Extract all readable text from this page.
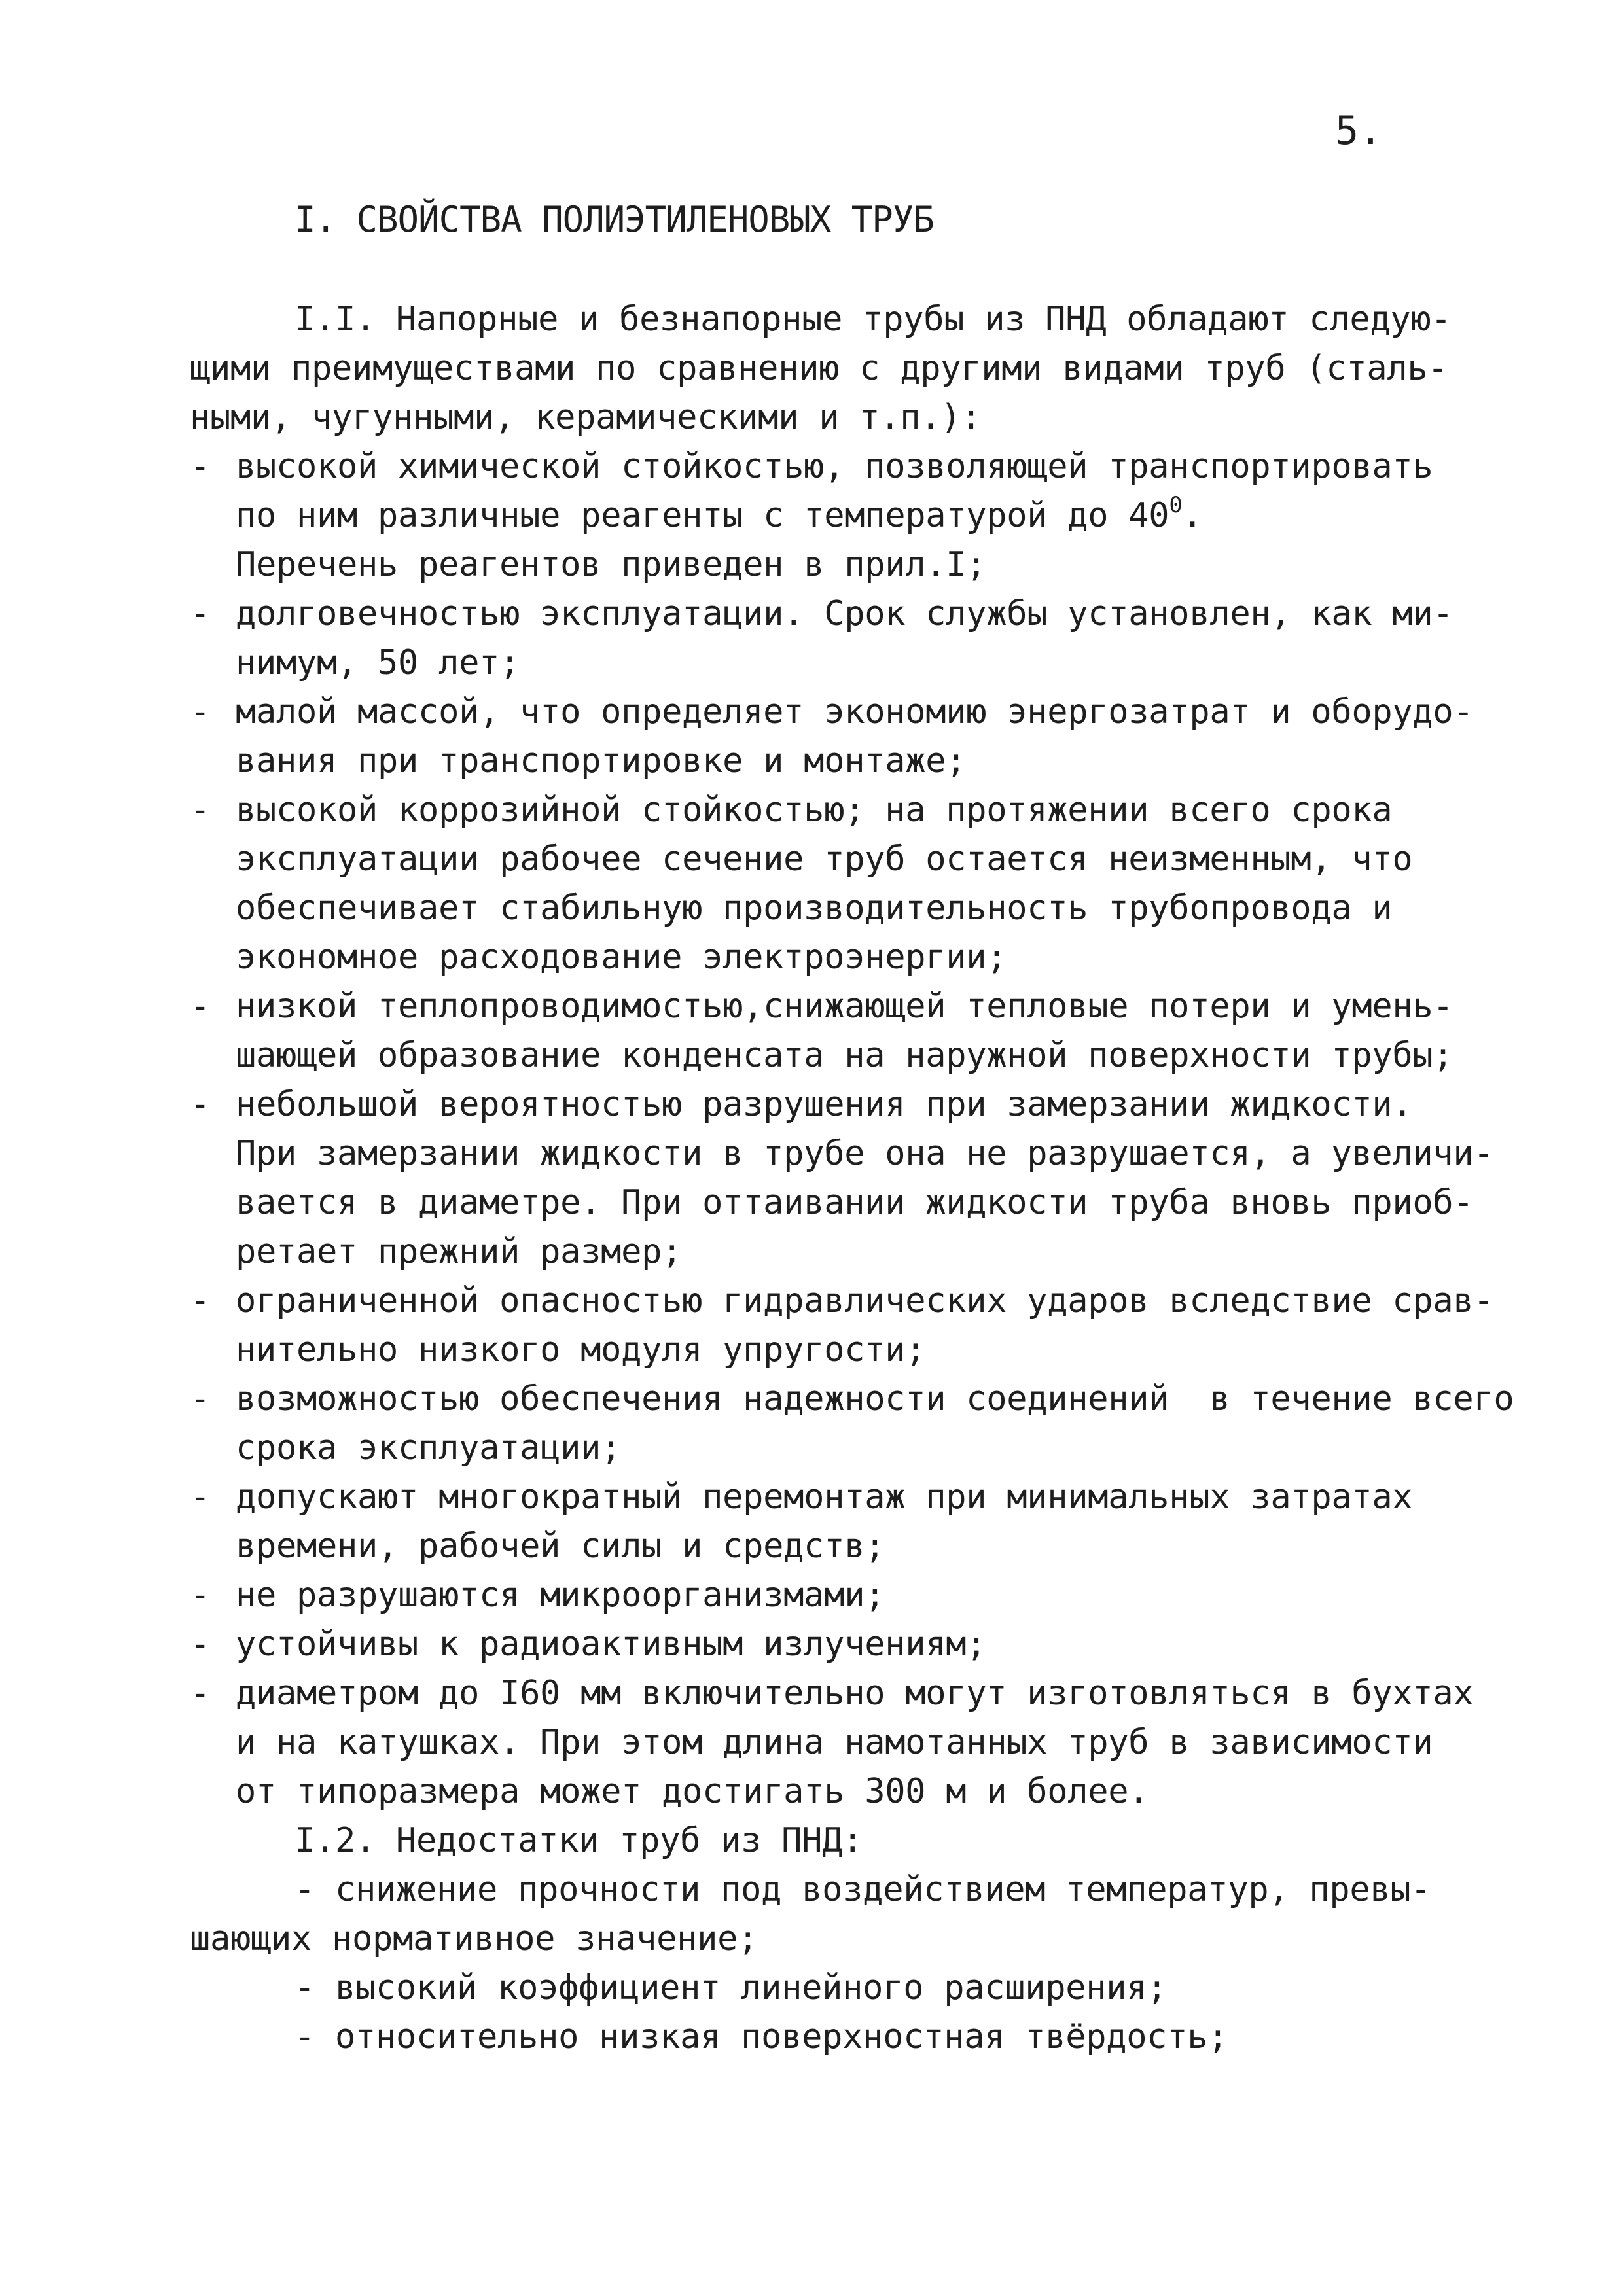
5.
I. СВОЙСТВА ПОЛИЭТИЛЕНОВЫХ ТРУБ
I.I. Напорные и безнапорные трубы из ПНД обладают следую-
щими преимуществами по сравнению с другими видами труб (сталь-
ными, чугунными, керамическими и т.п.):
- высокой химической стойкостью, позволяющей транспортировать
по ним различные реагенты с температурой до $40^0$.
Перечень реагентов приведен в прил.I;
- долговечностью эксплуатации. Срок службы установлен, как ми-
нимум, 50 лет;
- малой массой, что определяет экономию энергозатрат и оборудо-
вания при транспортировке и монтаже;
- высокой коррозийной стойкостью; на протяжении всего срока
эксплуатации рабочее сечение труб остается неизменным, что
обеспечивает стабильную производительность трубопровода и
экономное расходование электроэнергии;
- низкой теплопроводимостью,снижающей тепловые потери и умень-
шающей образование конденсата на наружной поверхности трубы;
- небольшой вероятностью разрушения при замерзании жидкости.
При замерзании жидкости в трубе она не разрушается, а увеличи-
вается в диаметре. При оттаивании жидкости труба вновь приоб-
ретает прежний размер;
- ограниченной опасностью гидравлических ударов вследствие срав-
нительно низкого модуля упругости;
- возможностью обеспечения надежности соединений  в течение всего
срока эксплуатации;
- допускают многократный перемонтаж при минимальных затратах
времени, рабочей силы и средств;
- не разрушаются микроорганизмами;
- устойчивы к радиоактивным излучениям;
- диаметром до I60 мм включительно могут изготовляться в бухтах
и на катушках. При этом длина намотанных труб в зависимости
от типоразмера может достигать 300 м и более.
I.2. Недостатки труб из ПНД:
- снижение прочности под воздействием температур, превы-
шающих нормативное значение;
- высокий коэффициент линейного расширения;
- относительно низкая поверхностная твёрдость;
